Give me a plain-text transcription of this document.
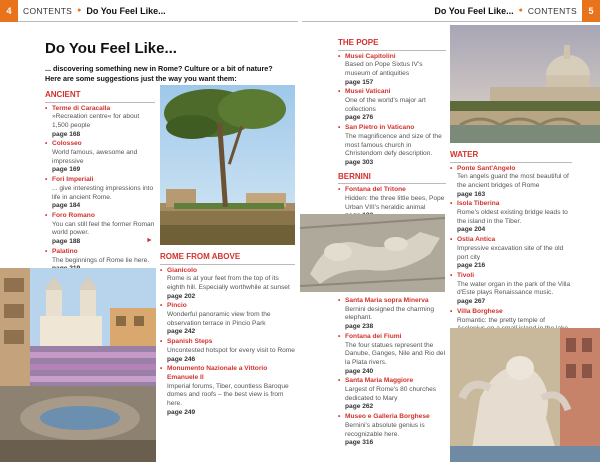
4	CONTENTS ● Do You Feel Like...	Do You Feel Like... ● CONTENTS	5
Do You Feel Like...
... discovering something new in Rome? Culture or a bit of nature? Here are some suggestions just the way you want them:
ANCIENT
• Terme di Caracalla
»Recreation centre« for about 1,500 people
page 168
• Colosseo
World famous, awesome and impressive
page 169
• Fori Imperiali
... give interesting impressions into life in ancient Rome.
page 184
• Foro Romano
You can still feel the former Roman world power.
page 188
• Palatino
The beginnings of Rome lie here.
►
ROME FROM ABOVE
• Gianicolo
Rome is at your feet from the top of its eighth hill. Especially worthwhile at sunset
page 202
• Pincio
Wonderful panoramic view from the observation terrace in Pincio Park
page 242
• Spanish Steps
Uncontested hotspot for every visit to Rome
page 246
• Monumento Nazionale a Vittorio Emanuele II
Imperial forums, Tiber, countless Baroque domes and roofs – the best view is from here.
page 249
THE POPE
• Musei Capitolini
Based on Pope Sixtus IV's museum of antiquities
page 157
• Musei Vaticani
One of the world's major art collections
page 276
• San Pietro in Vaticano
The magnificence and size of the most famous church in Christendom defy description.
page 303
BERNINI
• Fontana del Tritone
Hidden: the three little bees, Pope Urban VIII's heraldic animal
• Santa Maria sopra Minerva
Bernini designed the charming elephant.
page 238
• Fontana dei Fiumi
The four statues represent the Danube, Ganges, Nile and Rio del la Plata rivers.
page 240
• Santa Maria Maggiore
Largest of Rome's 80 churches dedicated to Mary
page 262
• Museo e Galleria Borghese
Bernini's absolute genius is recognizable here.
page 316
WATER
• Ponte Sant'Angelo
Ten angels guard the most beautiful of the ancient bridges of Rome
page 163
• Isola Tiberina
Rome's oldest existing bridge leads to the island in the Tiber.
page 204
• Ostia Antica
Impressive excavation site of the old port city
page 216
• Tivoli
The water organ in the park of the Villa d'Este plays Renaissance music.
page 267
• Villa Borghese
Romantic: the pretty temple of
